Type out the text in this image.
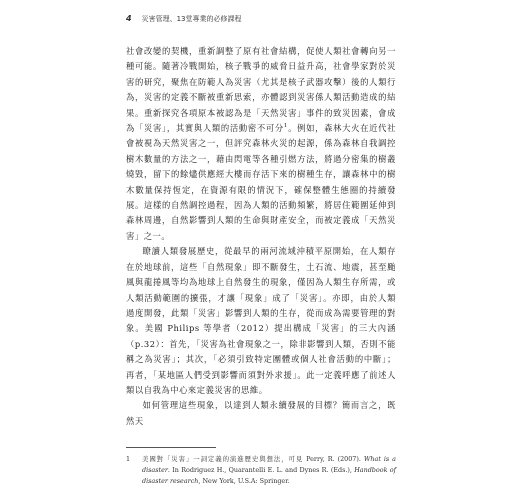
4 災害管理、13堂專業的必修課程

社會改變的契機，重新調整了原有社會結構，促使人類社會轉向另一種可能。隨著冷戰開始，核子戰爭的威脅日益升高，社會學家對於災害的研究，聚焦在防範人為災害（尤其是核子武器攻擊）後的人類行為，災害的定義不斷被重新思索，亦體認到災害係人類活動造成的結果。重新探究各項原本被認為是「天然災害」事件的致災因素，會成為「災害」，其實與人類的活動密不可分$^1$。例如，森林大火在近代社會被視為天然災害之一，但評究森林火災的起源，係為森林自我調控樹木數量的方法之一，藉由閃電等各種引燃方法，將過分密集的樹叢燒毀，留下的餘燼供應經大樓而存活下來的樹種生存，讓森林中的樹木數量保持恆定，在資源有限的情況下，確保整體生態圈的持續發展。這樣的自然調控過程，因為人類的活動頻繁，將居住範圍延伸到森林周邊，自然影響到人類的生命與財產安全，而被定義成「天然災害」之一。

瞭讀人類發展歷史，從最早的兩河流域沖積平原開始，在人類存在於地球前，這些「自然現象」即不斷發生，土石流、地震，甚至颱風與龍捲風等均為地球上自然發生的現象，僅因為人類生存所需，或人類活動範圍的擴張，才讓「現象」成了「災害」。亦即，由於人類過度開發，此類「災害」影響到人類的生存，從而成為需要管理的對象。美國 Philips 等學者（2012）提出構成「災害」的三大內涵（p.32）：首先，「災害為社會現象之一，除非影響到人類，否則不能稱之為災害」；其次，「必須引致特定團體或個人社會活動的中斷」；再者，「某地區人們受到影響而須對外求援」。此一定義呼應了前述人類以自我為中心來定義災害的思維。

如何管理這些現象，以達到人類永續發展的目標？簡而言之，既然天

1	美國對「災害」一詞定義的演進歷史與想法，可見 Perry, R. (2007). What is a disaster. In Rodriguez H., Quarantelli E. L. and Dynes R. (Eds.), Handbook of disaster research, New York, U.S.A: Springer.
